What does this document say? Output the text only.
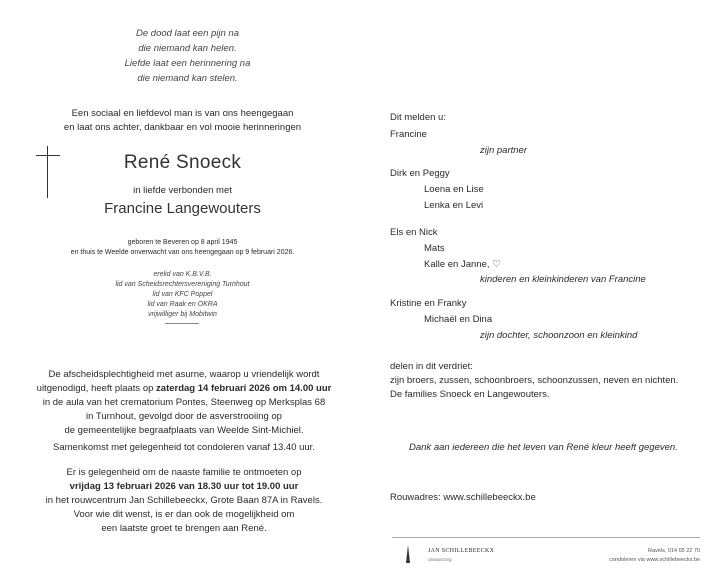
De dood laat een pijn na
die niemand kan helen.
Liefde laat een herinnering na
die niemand kan stelen.
Een sociaal en liefdevol man is van ons heengegaan
en laat ons achter, dankbaar en vol mooie herinneringen
René Snoeck
in liefde verbonden met
Francine Langewouters
geboren te Beveren op 8 april 1945
en thuis te Weelde onverwacht van ons heengegaan op 9 februari 2026.
erelid van K.B.V.B.
lid van Scheidsrechtersvereniging Turnhout
lid van KFC Poppel
lid van Raak en OKRA
vrijwilliger bij Mobitwin
De afscheidsplechtigheid met asurne, waarop u vriendelijk wordt
uitgenodigd, heeft plaats op zaterdag 14 februari 2026 om 14.00 uur
in de aula van het crematorium Pontes, Steenweg op Merksplas 68
in Turnhout, gevolgd door de asverstrooiing op
de gemeentelijke begraafplaats van Weelde Sint-Michiel.
Samenkomst met gelegenheid tot condoleren vanaf 13.40 uur.
Er is gelegenheid om de naaste familie te ontmoeten op
vrijdag 13 februari 2026 van 18.30 uur tot 19.00 uur
in het rouwcentrum Jan Schillebeeckx, Grote Baan 87A in Ravels.
Voor wie dit wenst, is er dan ook de mogelijkheid om
een laatste groet te brengen aan René.
Dit melden u:
Francine
zijn partner
Dirk en Peggy
Loena en Lise
Lenka en Levi
Els en Nick
Mats
Kalle en Janne, ♡
kinderen en kleinkinderen van Francine
Kristine en Franky
Michaël en Dina
zijn dochter, schoonzoon en kleinkind
delen in dit verdriet:
zijn broers, zussen, schoonbroers, schoonzussen, neven en nichten.
De families Snoeck en Langewouters.
Dank aan iedereen die het leven van René kleur heeft gegeven.
Rouwadres: www.schillebeeckx.be
JAN SCHILLEBEECKX
uitvaartzorg
Ravels, 014 65 22 70
condoleren via www.schillebeeckx.be
